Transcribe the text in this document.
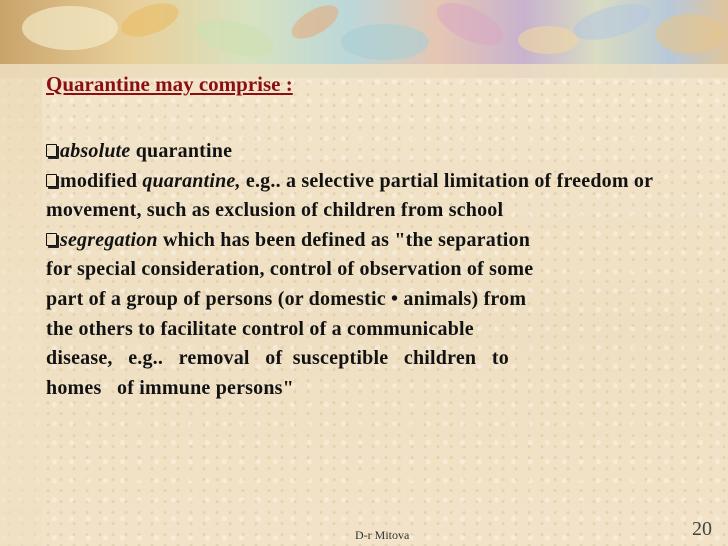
Quarantine may comprise :
absolute quarantine
modified quarantine, e.g.. a selective partial limitation of freedom or movement, such as exclusion of children from school
segregation which has been defined as "the separation
for special consideration, control of observation of some
part of a group of persons (or domestic • animals) from
the others to facilitate control of a communicable
disease,   e.g..   removal   of  susceptible   children   to
homes   of immune persons"
D-r Mitova	20
